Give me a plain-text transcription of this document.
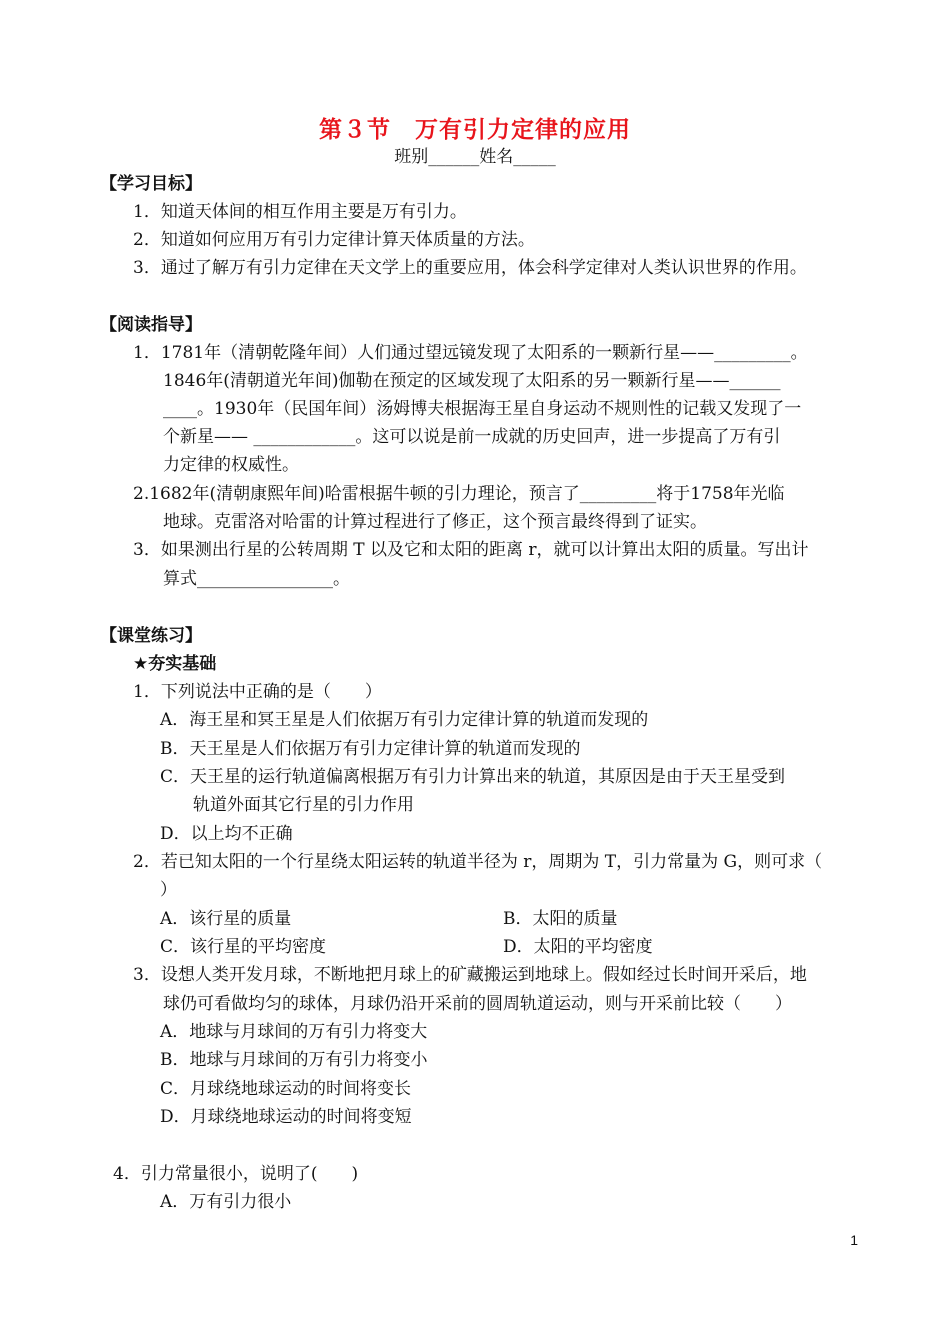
第３节　万有引力定律的应用
班别______姓名_____
【学习目标】
1．知道天体间的相互作用主要是万有引力。
2．知道如何应用万有引力定律计算天体质量的方法。
3．通过了解万有引力定律在天文学上的重要应用，体会科学定律对人类认识世界的作用。
【阅读指导】
1．1781年（清朝乾隆年间）人们通过望远镜发现了太阳系的一颗新行星——_________。
1846年(清朝道光年间)伽勒在预定的区域发现了太阳系的另一颗新行星——______
____。1930年（民国年间）汤姆博夫根据海王星自身运动不规则性的记载又发现了一
个新星—— ____________。这可以说是前一成就的历史回声，进一步提高了万有引
力定律的权威性。
2.1682年(清朝康熙年间)哈雷根据牛顿的引力理论，预言了_________将于1758年光临
地球。克雷洛对哈雷的计算过程进行了修正，这个预言最终得到了证实。
3．如果测出行星的公转周期 T 以及它和太阳的距离 r，就可以计算出太阳的质量。写出计
算式________________。
【课堂练习】
★夯实基础
1．下列说法中正确的是（　　）
A．海王星和冥王星是人们依据万有引力定律计算的轨道而发现的
B．天王星是人们依据万有引力定律计算的轨道而发现的
C．天王星的运行轨道偏离根据万有引力计算出来的轨道，其原因是由于天王星受到
轨道外面其它行星的引力作用
D．以上均不正确
2．若已知太阳的一个行星绕太阳运转的轨道半径为 r，周期为 T，引力常量为 G，则可求（
）
A．该行星的质量	B．太阳的质量
C．该行星的平均密度	D．太阳的平均密度
3．设想人类开发月球，不断地把月球上的矿藏搬运到地球上。假如经过长时间开采后，地
球仍可看做均匀的球体，月球仍沿开采前的圆周轨道运动，则与开采前比较（　　）
A．地球与月球间的万有引力将变大
B．地球与月球间的万有引力将变小
C．月球绕地球运动的时间将变长
D．月球绕地球运动的时间将变短
4．引力常量很小，说明了(　　)
A．万有引力很小
1
